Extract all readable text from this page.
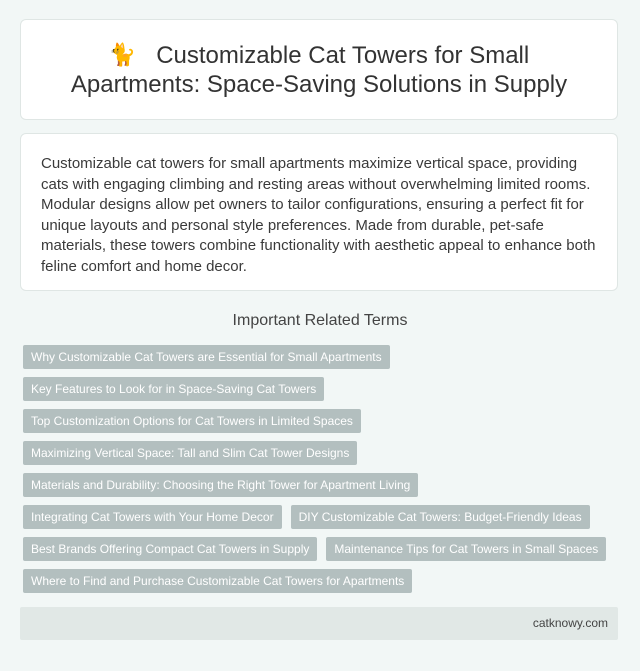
🐈 Customizable Cat Towers for Small Apartments: Space-Saving Solutions in Supply

Customizable cat towers for small apartments maximize vertical space, providing cats with engaging climbing and resting areas without overwhelming limited rooms. Modular designs allow pet owners to tailor configurations, ensuring a perfect fit for unique layouts and personal style preferences. Made from durable, pet-safe materials, these towers combine functionality with aesthetic appeal to enhance both feline comfort and home decor.

Important Related Terms
Why Customizable Cat Towers are Essential for Small Apartments
Key Features to Look for in Space-Saving Cat Towers
Top Customization Options for Cat Towers in Limited Spaces
Maximizing Vertical Space: Tall and Slim Cat Tower Designs
Materials and Durability: Choosing the Right Tower for Apartment Living
Integrating Cat Towers with Your Home Decor	DIY Customizable Cat Towers: Budget-Friendly Ideas
Best Brands Offering Compact Cat Towers in Supply	Maintenance Tips for Cat Towers in Small Spaces
Where to Find and Purchase Customizable Cat Towers for Apartments
catknowy.com
